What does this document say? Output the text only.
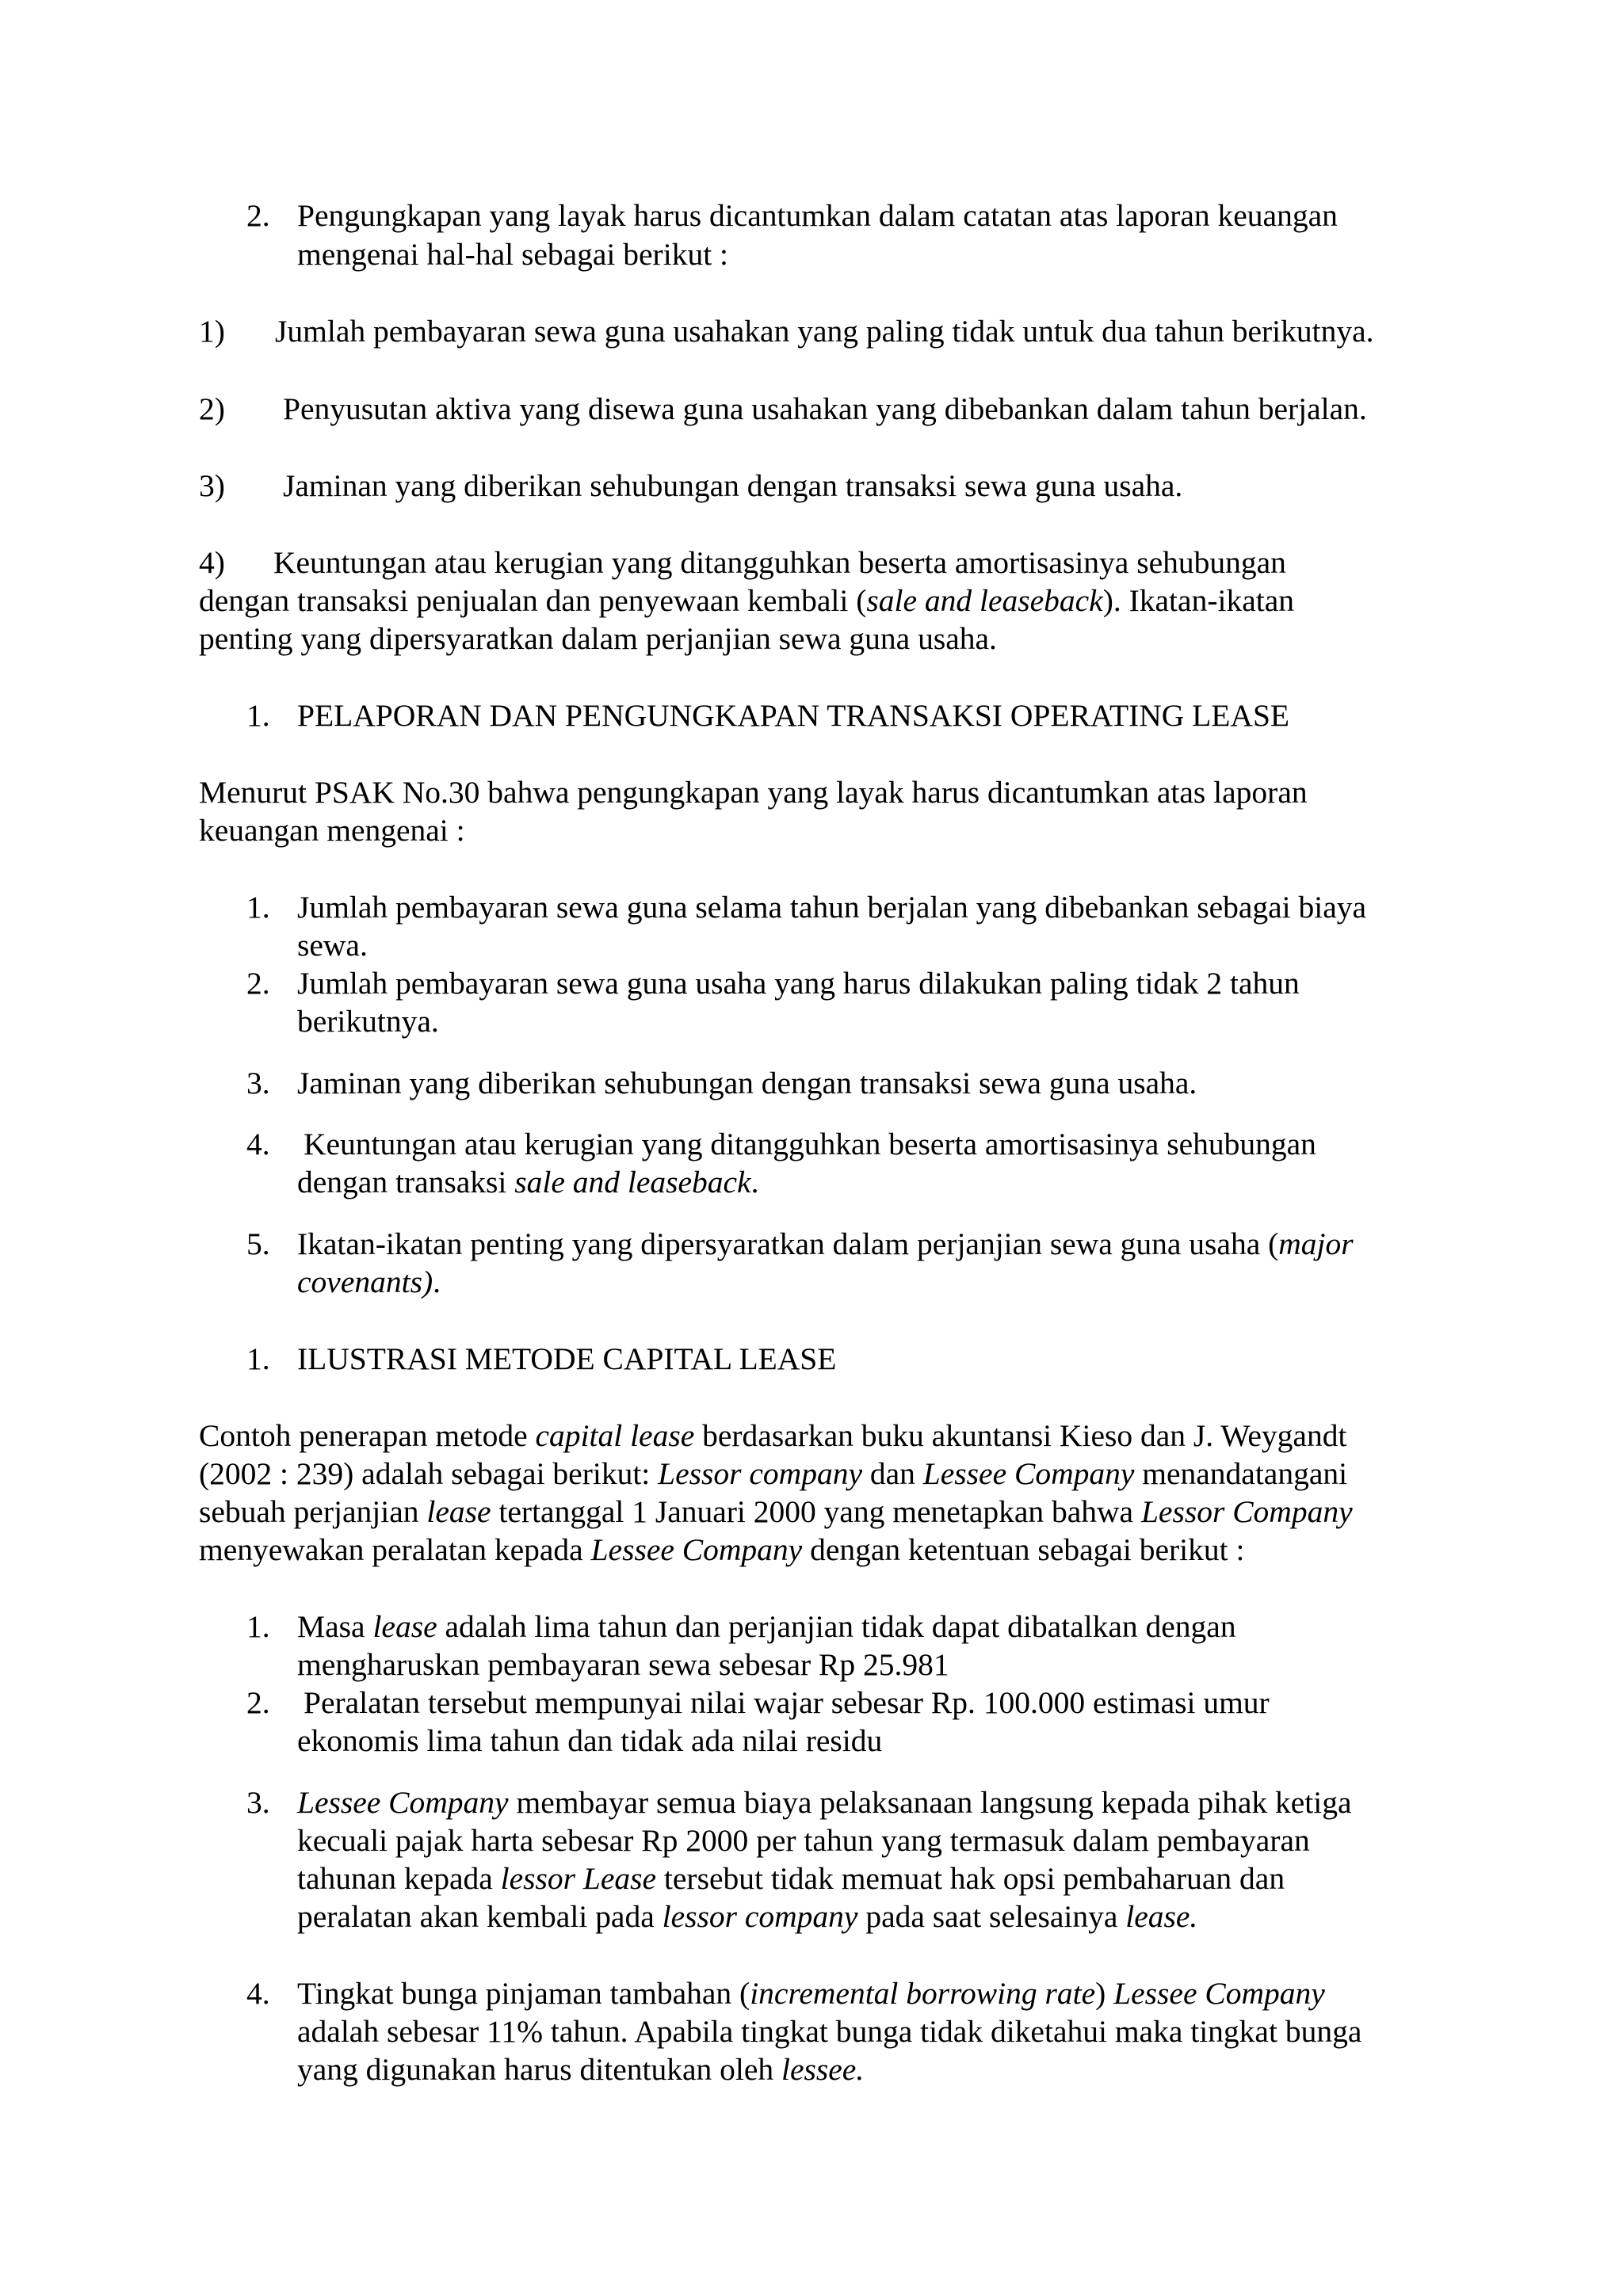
2. Pengungkapan yang layak harus dicantumkan dalam catatan atas laporan keuangan

mengenai hal-hal sebagai berikut :

1) Jumlah pembayaran sewa guna usahakan yang paling tidak untuk dua tahun berikutnya.

2) Penyusutan aktiva yang disewa guna usahakan yang dibebankan dalam tahun berjalan.

3) Jaminan yang diberikan sehubungan dengan transaksi sewa guna usaha.

4) Keuntungan atau kerugian yang ditangguhkan beserta amortisasinya sehubungan

dengan transaksi penjualan dan penyewaan kembali (sale and leaseback). Ikatan-ikatan

penting yang dipersyaratkan dalam perjanjian sewa guna usaha.

1. PELAPORAN DAN PENGUNGKAPAN TRANSAKSI OPERATING LEASE

Menurut PSAK No.30 bahwa pengungkapan yang layak harus dicantumkan atas laporan

keuangan mengenai :

1. Jumlah pembayaran sewa guna selama tahun berjalan yang dibebankan sebagai biaya

sewa.

2. Jumlah pembayaran sewa guna usaha yang harus dilakukan paling tidak 2 tahun

berikutnya.

3. Jaminan yang diberikan sehubungan dengan transaksi sewa guna usaha.

4. Keuntungan atau kerugian yang ditangguhkan beserta amortisasinya sehubungan

dengan transaksi sale and leaseback.

5. Ikatan-ikatan penting yang dipersyaratkan dalam perjanjian sewa guna usaha (major

covenants).

1. ILUSTRASI METODE CAPITAL LEASE

Contoh penerapan metode capital lease berdasarkan buku akuntansi Kieso dan J. Weygandt

(2002 : 239) adalah sebagai berikut: Lessor company dan Lessee Company menandatangani

sebuah perjanjian lease tertanggal 1 Januari 2000 yang menetapkan bahwa Lessor Company

menyewakan peralatan kepada Lessee Company dengan ketentuan sebagai berikut :

1. Masa lease adalah lima tahun dan perjanjian tidak dapat dibatalkan dengan

mengharuskan pembayaran sewa sebesar Rp 25.981

2. Peralatan tersebut mempunyai nilai wajar sebesar Rp. 100.000 estimasi umur

ekonomis lima tahun dan tidak ada nilai residu

3. Lessee Company membayar semua biaya pelaksanaan langsung kepada pihak ketiga

kecuali pajak harta sebesar Rp 2000 per tahun yang termasuk dalam pembayaran

tahunan kepada lessor Lease tersebut tidak memuat hak opsi pembaharuan dan

peralatan akan kembali pada lessor company pada saat selesainya lease.

4. Tingkat bunga pinjaman tambahan (incremental borrowing rate) Lessee Company

adalah sebesar 11% tahun. Apabila tingkat bunga tidak diketahui maka tingkat bunga

yang digunakan harus ditentukan oleh lessee.
